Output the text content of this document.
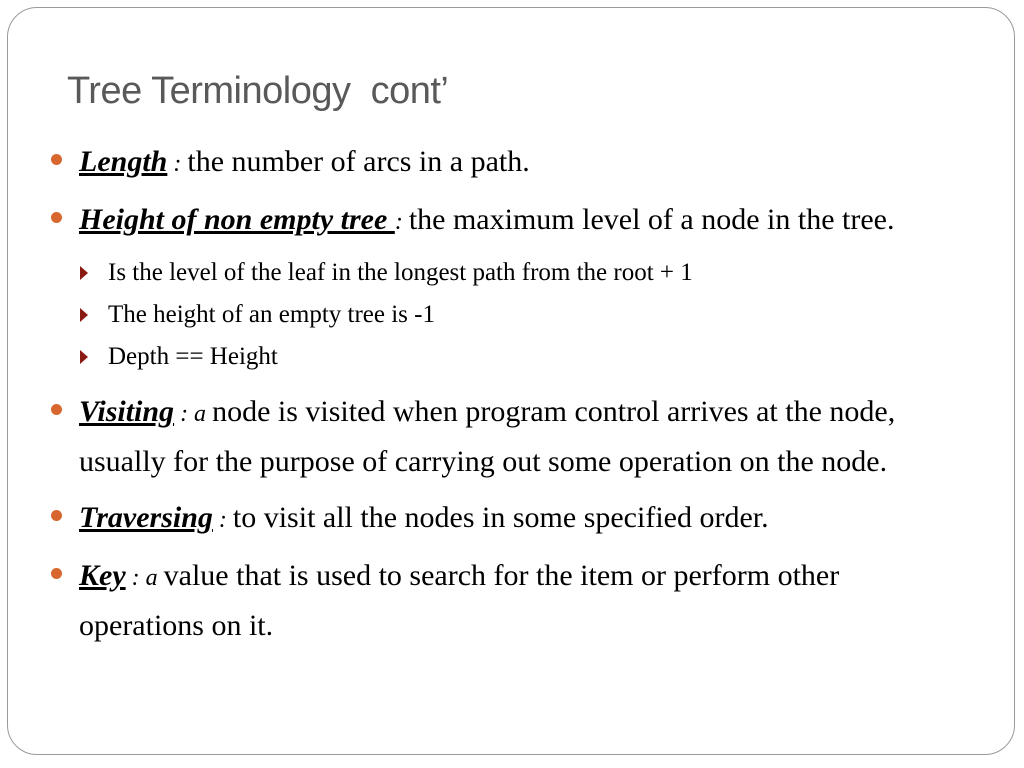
Tree Terminology  cont’
Length : the number of arcs in a path.
Height of non empty tree : the maximum level of a node in the tree.
Is the level of the leaf in the longest path from the root + 1
The height of an empty tree is -1
Depth == Height
Visiting : a node is visited when program control arrives at the node, usually for the purpose of carrying out some operation on the node.
Traversing : to visit all the nodes in some specified order.
Key : a value that is used to search for the item or perform other operations on it.
